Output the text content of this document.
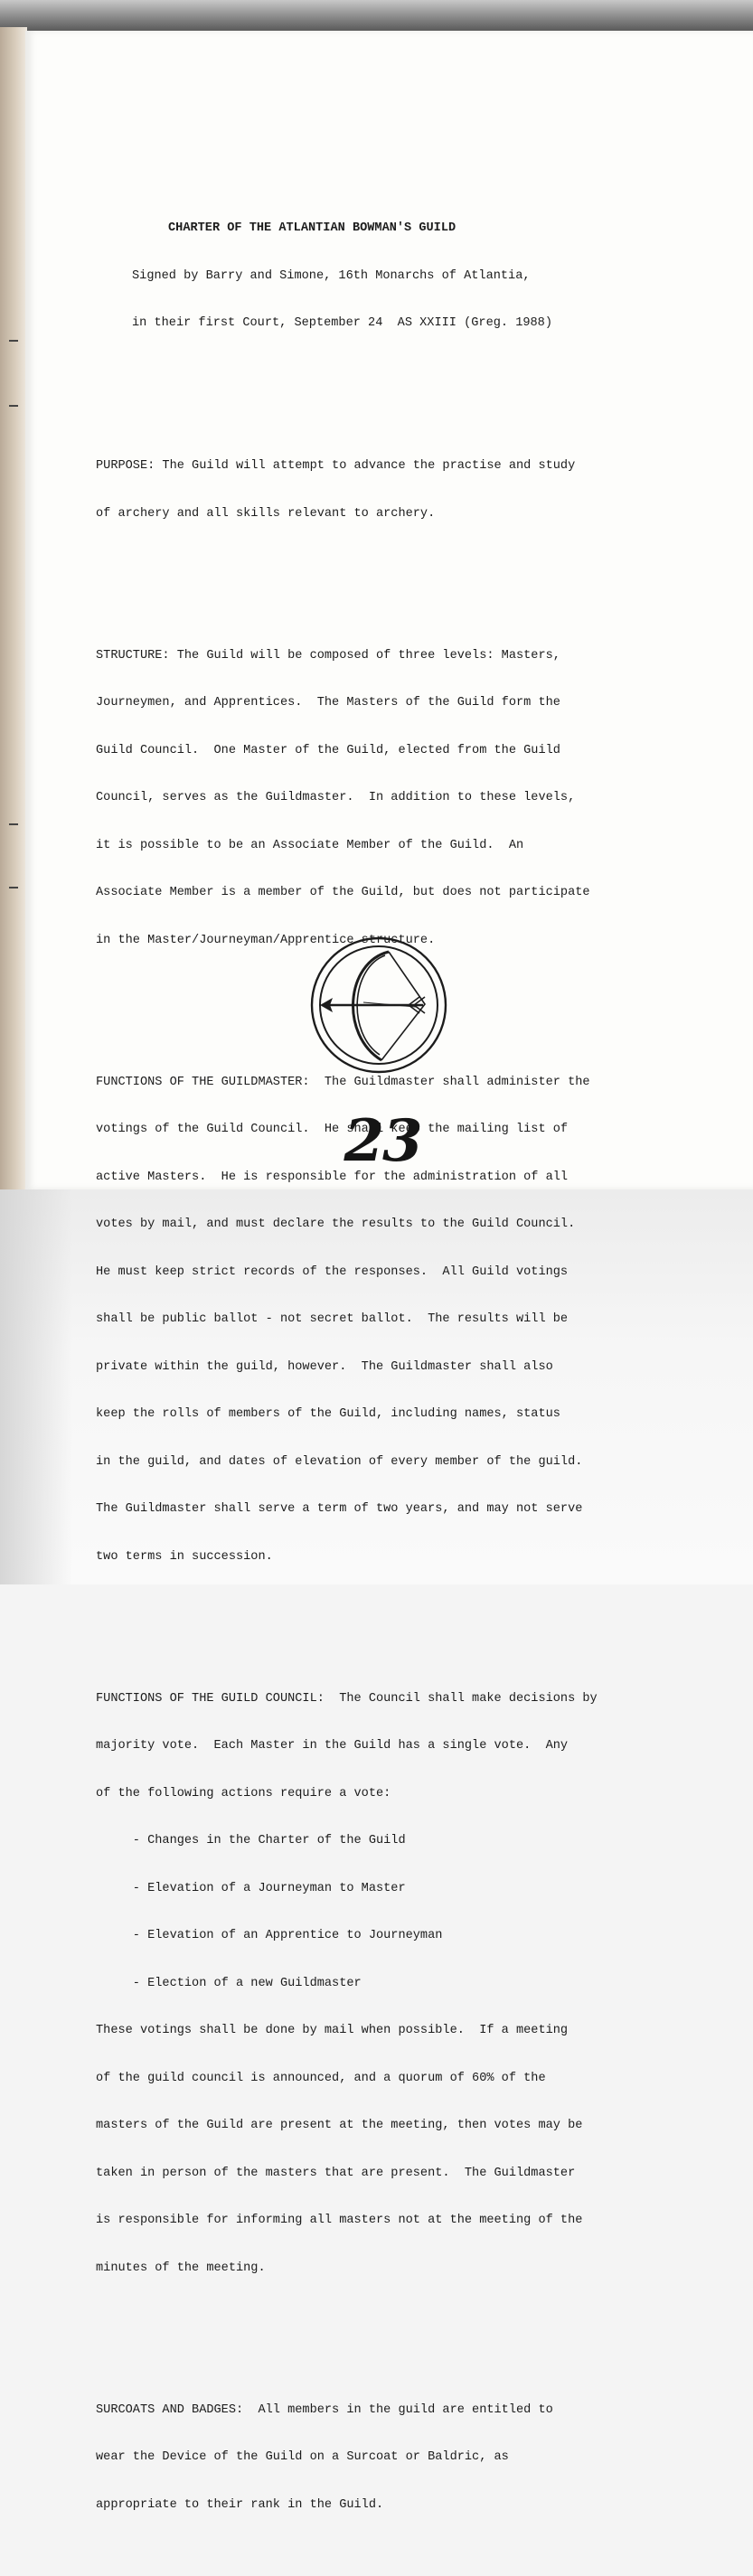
CHARTER OF THE ATLANTIAN BOWMAN'S GUILD

Signed by Barry and Simone, 16th Monarchs of Atlantia,

in their first Court, September 24  AS XXIII (Greg. 1988)

PURPOSE: The Guild will attempt to advance the practise and study

of archery and all skills relevant to archery.

STRUCTURE: The Guild will be composed of three levels: Masters,

Journeymen, and Apprentices.  The Masters of the Guild form the

Guild Council.  One Master of the Guild, elected from the Guild

Council, serves as the Guildmaster.  In addition to these levels,

it is possible to be an Associate Member of the Guild.  An

Associate Member is a member of the Guild, but does not participate

in the Master/Journeyman/Apprentice structure.

FUNCTIONS OF THE GUILDMASTER:  The Guildmaster shall administer the

votings of the Guild Council.  He shall keep the mailing list of

active Masters.  He is responsible for the administration of all

votes by mail, and must declare the results to the Guild Council.

He must keep strict records of the responses.  All Guild votings

shall be public ballot - not secret ballot.  The results will be

private within the guild, however.  The Guildmaster shall also

keep the rolls of members of the Guild, including names, status

in the guild, and dates of elevation of every member of the guild.

The Guildmaster shall serve a term of two years, and may not serve

two terms in succession.

FUNCTIONS OF THE GUILD COUNCIL:  The Council shall make decisions by

majority vote.  Each Master in the Guild has a single vote.  Any

of the following actions require a vote:

- Changes in the Charter of the Guild

- Elevation of a Journeyman to Master

- Elevation of an Apprentice to Journeyman

- Election of a new Guildmaster

These votings shall be done by mail when possible.  If a meeting

of the guild council is announced, and a quorum of 60% of the

masters of the Guild are present at the meeting, then votes may be

taken in person of the masters that are present.  The Guildmaster

is responsible for informing all masters not at the meeting of the

minutes of the meeting.

SURCOATS AND BADGES:  All members in the guild are entitled to

wear the Device of the Guild on a Surcoat or Baldric, as

appropriate to their rank in the Guild.

23
